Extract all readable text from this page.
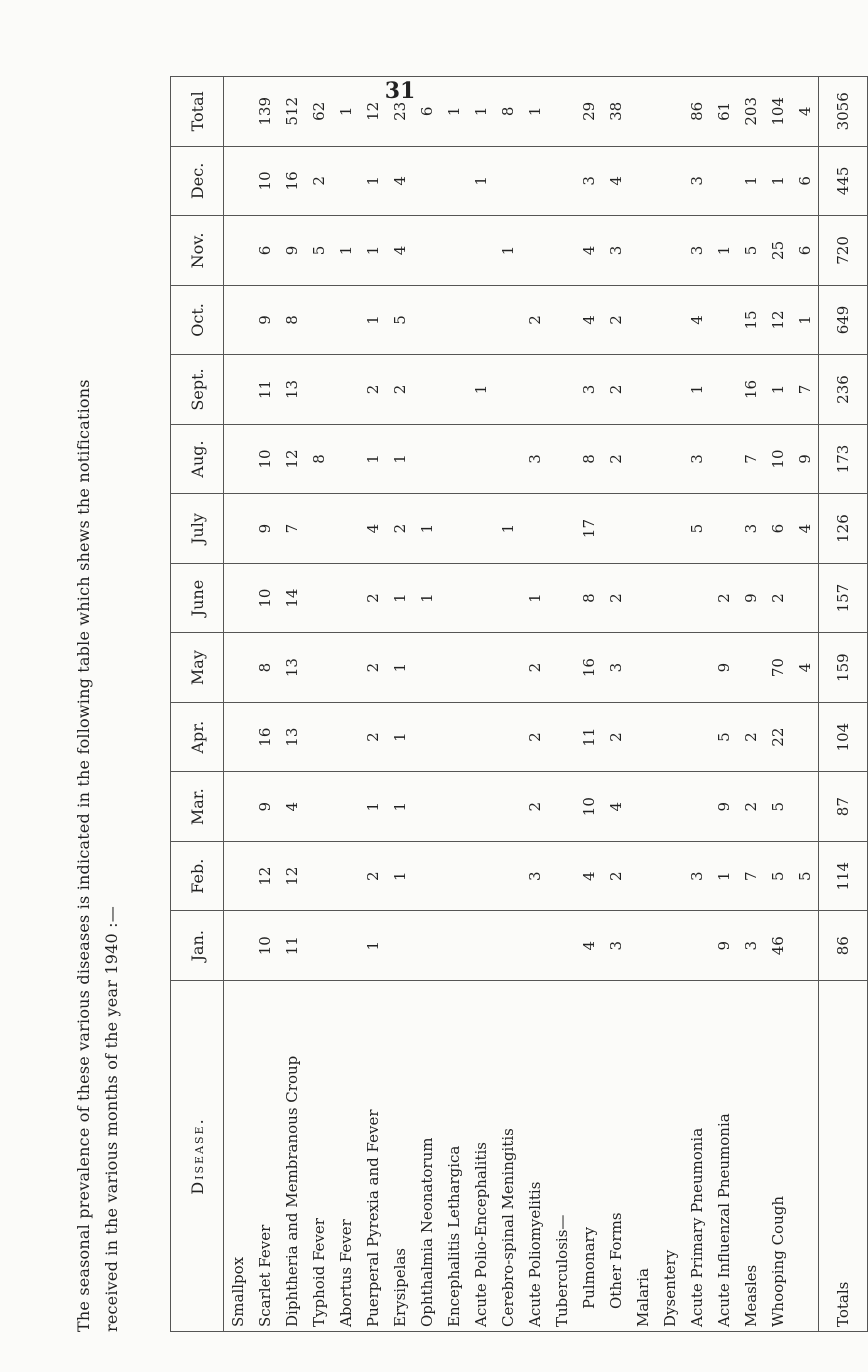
31
The seasonal prevalence of these various diseases is indicated in the following table which shews the notifications received in the various months of the year 1940 :—	Disease.	Jan.	Feb.	Mar.	Apr.	May	June	July	Aug.	Sept.	Oct.	Nov.	Dec.	Total
Smallpox													
Scarlet Fever	10	12	9	16	8	10	9	10	11	9	6	10	139
Diphtheria and Membranous Croup	11	12	4	13	13	14	7	12	13	8	9	16	512
Typhoid Fever								8			5	2	62
Abortus Fever											1		1
Puerperal Pyrexia and Fever	1	2	1	2	2	2	4	1	2	1	1	1	12
Erysipelas		1	1	1	1	1	2	1	2	5	4	4	23
Ophthalmia Neonatorum						1	1						6
Encephalitis Lethargica													1
Acute Polio-Encephalitis									1			1	1
Cerebro-spinal Meningitis							1				1		8
Acute Poliomyelitis		3	2	2	2	1		3		2			1
Tuberculosis—													
Pulmonary	4	4	10	11	16	8	17	8	3	4	4	3	29
Other Forms	3	2	4	2	3	2		2	2	2	3	4	38
Malaria													
Dysentery													
Acute Primary Pneumonia		3					5	3	1	4	3	3	86
Acute Influenzal Pneumonia	9	1	9	5	9	2					1		61
Measles	3	7	2	2		9	3	7	16	15	5	1	203
Whooping Cough	46	5	5	22	70	2	6	10	1	12	25	1	104
		5			4		4	9	7	1	6	6	4
Totals	86	114	87	104	159	157	126	173	236	649	720	445	3056
